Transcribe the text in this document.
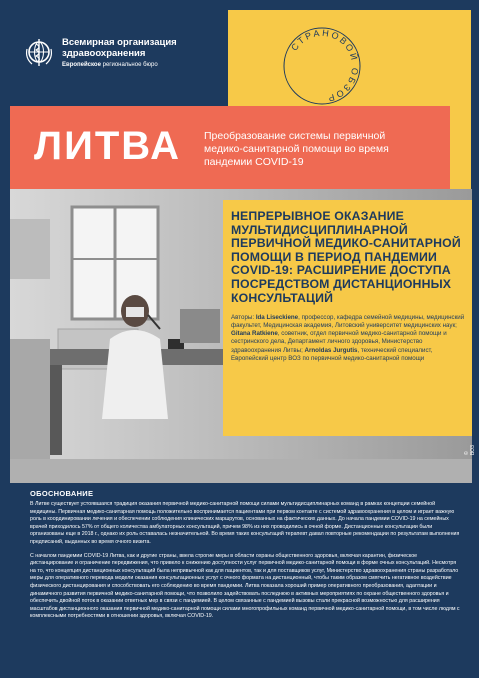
Всемирная организация
здравоохранения
Европейское региональное бюро
СТРАНОВОЙ ОБЗОР
ЛИТВА Преобразование системы первичной медико-санитарной помощи во время пандемии COVID-19
НЕПРЕРЫВНОЕ ОКАЗАНИЕ МУЛЬТИДИСЦИПЛИНАРНОЙ ПЕРВИЧНОЙ МЕДИКО-САНИТАРНОЙ ПОМОЩИ В ПЕРИОД ПАНДЕМИИ COVID-19: РАСШИРЕНИЕ ДОСТУПА ПОСРЕДСТВОМ ДИСТАНЦИОННЫХ КОНСУЛЬТАЦИЙ
Авторы: Ida Liseckiene, профессор, кафедра семейной медицины, медицинский факультет, Медицинская академия, Литовский университет медицинских наук; Gitana Ratkiene, советник, отдел первичной медико-санитарной помощи и сестринского дела, Департамент личного здоровья, Министерство здравоохранения Литвы; Arnoldas Jurgutis, технический специалист, Европейский центр ВОЗ по первичной медико-санитарной помощи
© ВОЗ
ОБОСНОВАНИЕ
В Литве существует устоявшаяся традиция оказания первичной медико-санитарной помощи силами мультидисциплинарных команд в рамках концепции семейной медицины. Первичная медико-санитарная помощь положительно воспринимается пациентами при первом контакте с системой здравоохранения в целом и играет важную роль в координировании лечения и обеспечении соблюдения клинических маршрутов, основанных на фактических данных. До начала пандемии COVID-19 на семейных врачей приходилось 57% от общего количества амбулаторных консультаций, причем 98% из них проводились в очной форме. Дистанционные консультации были организованы еще в 2018 г., однако их роль оставалась незначительной. Во время таких консультаций терапевт давал повторные рекомендации по результатам выполнения предписаний, выданных во время очного визита.
С началом пандемии COVID-19 Литва, как и другие страны, ввела строгие меры в области охраны общественного здоровья, включая карантин, физическое дистанцирование и ограничение передвижения, что привело к снижению доступности услуг первичной медико-санитарной помощи в форме очных консультаций. Несмотря на то, что концепция дистанционных консультаций была непривычной как для пациентов, так и для поставщиков услуг, Министерство здравоохранения страны разработало меры для оперативного перевода модели оказания консультационных услуг с очного формата на дистанционный, чтобы таким образом смягчить негативное воздействие физического дистанцирования и способствовать его соблюдению во время пандемии. Литва показала хороший пример оперативного преобразования, адаптации и динамичного развития первичной медико-санитарной помощи, что позволило задействовать последнюю в активных мероприятиях по охране общественного здоровья и обеспечить двойной поток в оказании ответных мер в связи с пандемией. В целом связанные с пандемией вызовы стали прекрасной возможностью для расширения масштабов дистанционного оказания первичной медико-санитарной помощи силами многопрофильных команд первичной медико-санитарной помощи, в том числе людям с комплексными потребностями в отношении здоровья, включая COVID-19.
